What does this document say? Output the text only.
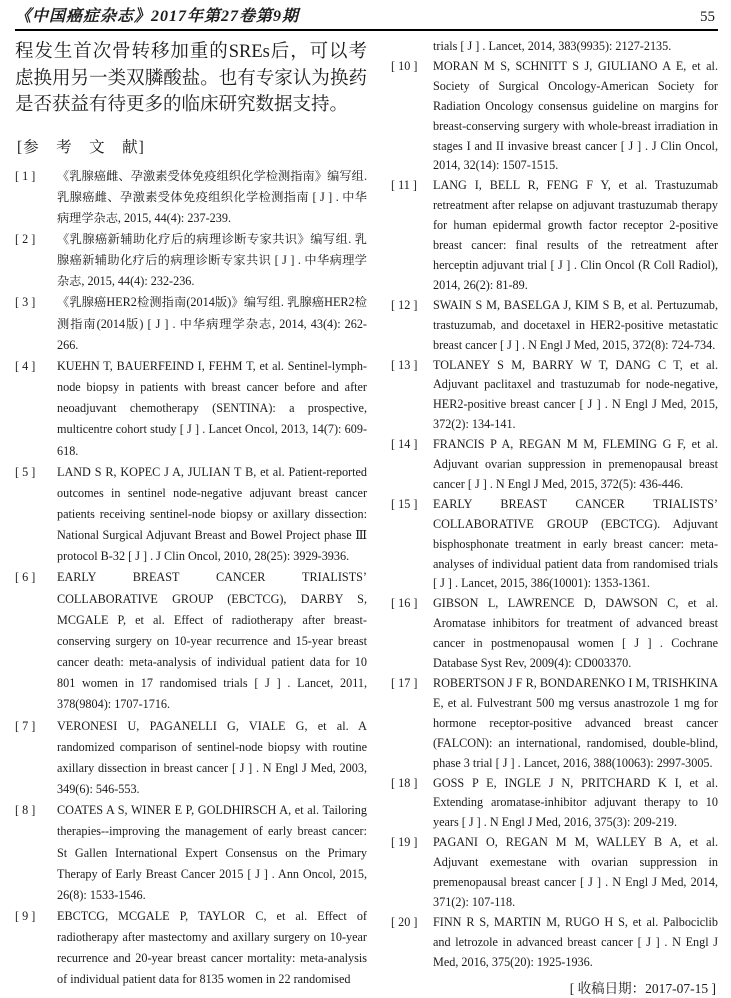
《中国癌症杂志》2017年第27卷第9期	55

程发生首次骨转移加重的SREs后，可以考虑换用另一类双膦酸盐。也有专家认为换药是否获益有待更多的临床研究数据支持。

[参　考　文　献]
[ 1 ]	《乳腺癌雌、孕激素受体免疫组织化学检测指南》编写组. 乳腺癌雌、孕激素受体免疫组织化学检测指南 [ J ] . 中华病理学杂志, 2015, 44(4): 237-239.
[ 2 ]	《乳腺癌新辅助化疗后的病理诊断专家共识》编写组. 乳腺癌新辅助化疗后的病理诊断专家共识 [ J ] . 中华病理学杂志, 2015, 44(4): 232-236.
[ 3 ]	《乳腺癌HER2检测指南(2014版)》编写组. 乳腺癌HER2检测指南(2014版) [ J ] . 中华病理学杂志, 2014, 43(4): 262-266.
[ 4 ]	KUEHN T, BAUERFEIND I, FEHM T, et al. Sentinel-lymph-node biopsy in patients with breast cancer before and after neoadjuvant chemotherapy (SENTINA): a prospective, multicentre cohort study [ J ] . Lancet Oncol, 2013, 14(7): 609-618.
[ 5 ]	LAND S R, KOPEC J A, JULIAN T B, et al. Patient-reported outcomes in sentinel node-negative adjuvant breast cancer patients receiving sentinel-node biopsy or axillary dissection: National Surgical Adjuvant Breast and Bowel Project phase Ⅲ protocol B-32 [ J ] . J Clin Oncol, 2010, 28(25): 3929-3936.
[ 6 ]	EARLY BREAST CANCER TRIALISTS’ COLLABORATIVE GROUP (EBCTCG), DARBY S, MCGALE P, et al. Effect of radiotherapy after breast-conserving surgery on 10-year recurrence and 15-year breast cancer death: meta-analysis of individual patient data for 10 801 women in 17 randomised trials [ J ] . Lancet, 2011, 378(9804): 1707-1716.
[ 7 ]	VERONESI U, PAGANELLI G, VIALE G, et al. A randomized comparison of sentinel-node biopsy with routine axillary dissection in breast cancer [ J ] . N Engl J Med, 2003, 349(6): 546-553.
[ 8 ]	COATES A S, WINER E P, GOLDHIRSCH A, et al. Tailoring therapies--improving the management of early breast cancer: St Gallen International Expert Consensus on the Primary Therapy of Early Breast Cancer 2015 [ J ] . Ann Oncol, 2015, 26(8): 1533-1546.
[ 9 ]	EBCTCG, MCGALE P, TAYLOR C, et al. Effect of radiotherapy after mastectomy and axillary surgery on 10-year recurrence and 20-year breast cancer mortality: meta-analysis of individual patient data for 8135 women in 22 randomised

trials [ J ] . Lancet, 2014, 383(9935): 2127-2135.

[ 10 ]	MORAN M S, SCHNITT S J, GIULIANO A E, et al. Society of Surgical Oncology-American Society for Radiation Oncology consensus guideline on margins for breast-conserving surgery with whole-breast irradiation in stages I and II invasive breast cancer [ J ] . J Clin Oncol, 2014, 32(14): 1507-1515.
[ 11 ]	LANG I, BELL R, FENG F Y, et al. Trastuzumab retreatment after relapse on adjuvant trastuzumab therapy for human epidermal growth factor receptor 2-positive breast cancer: final results of the retreatment after herceptin adjuvant trial [ J ] . Clin Oncol (R Coll Radiol), 2014, 26(2): 81-89.
[ 12 ]	SWAIN S M, BASELGA J, KIM S B, et al. Pertuzumab, trastuzumab, and docetaxel in HER2-positive metastatic breast cancer [ J ] . N Engl J Med, 2015, 372(8): 724-734.
[ 13 ]	TOLANEY S M, BARRY W T, DANG C T, et al. Adjuvant paclitaxel and trastuzumab for node-negative, HER2-positive breast cancer [ J ] . N Engl J Med, 2015, 372(2): 134-141.
[ 14 ]	FRANCIS P A, REGAN M M, FLEMING G F, et al. Adjuvant ovarian suppression in premenopausal breast cancer [ J ] . N Engl J Med, 2015, 372(5): 436-446.
[ 15 ]	EARLY BREAST CANCER TRIALISTS’ COLLABORATIVE GROUP (EBCTCG). Adjuvant bisphosphonate treatment in early breast cancer: meta-analyses of individual patient data from randomised trials [ J ] . Lancet, 2015, 386(10001): 1353-1361.
[ 16 ]	GIBSON L, LAWRENCE D, DAWSON C, et al. Aromatase inhibitors for treatment of advanced breast cancer in postmenopausal women [ J ] . Cochrane Database Syst Rev, 2009(4): CD003370.
[ 17 ]	ROBERTSON J F R, BONDARENKO I M, TRISHKINA E, et al. Fulvestrant 500 mg versus anastrozole 1 mg for hormone receptor-positive advanced breast cancer (FALCON): an international, randomised, double-blind, phase 3 trial [ J ] . Lancet, 2016, 388(10063): 2997-3005.
[ 18 ]	GOSS P E, INGLE J N, PRITCHARD K I, et al. Extending aromatase-inhibitor adjuvant therapy to 10 years [ J ] . N Engl J Med, 2016, 375(3): 209-219.
[ 19 ]	PAGANI O, REGAN M M, WALLEY B A, et al. Adjuvant exemestane with ovarian suppression in premenopausal breast cancer [ J ] . N Engl J Med, 2014, 371(2): 107-118.
[ 20 ]	FINN R S, MARTIN M, RUGO H S, et al. Palbociclib and letrozole in advanced breast cancer [ J ] . N Engl J Med, 2016, 375(20): 1925-1936.

[ 收稿日期：2017-07-15 ]
